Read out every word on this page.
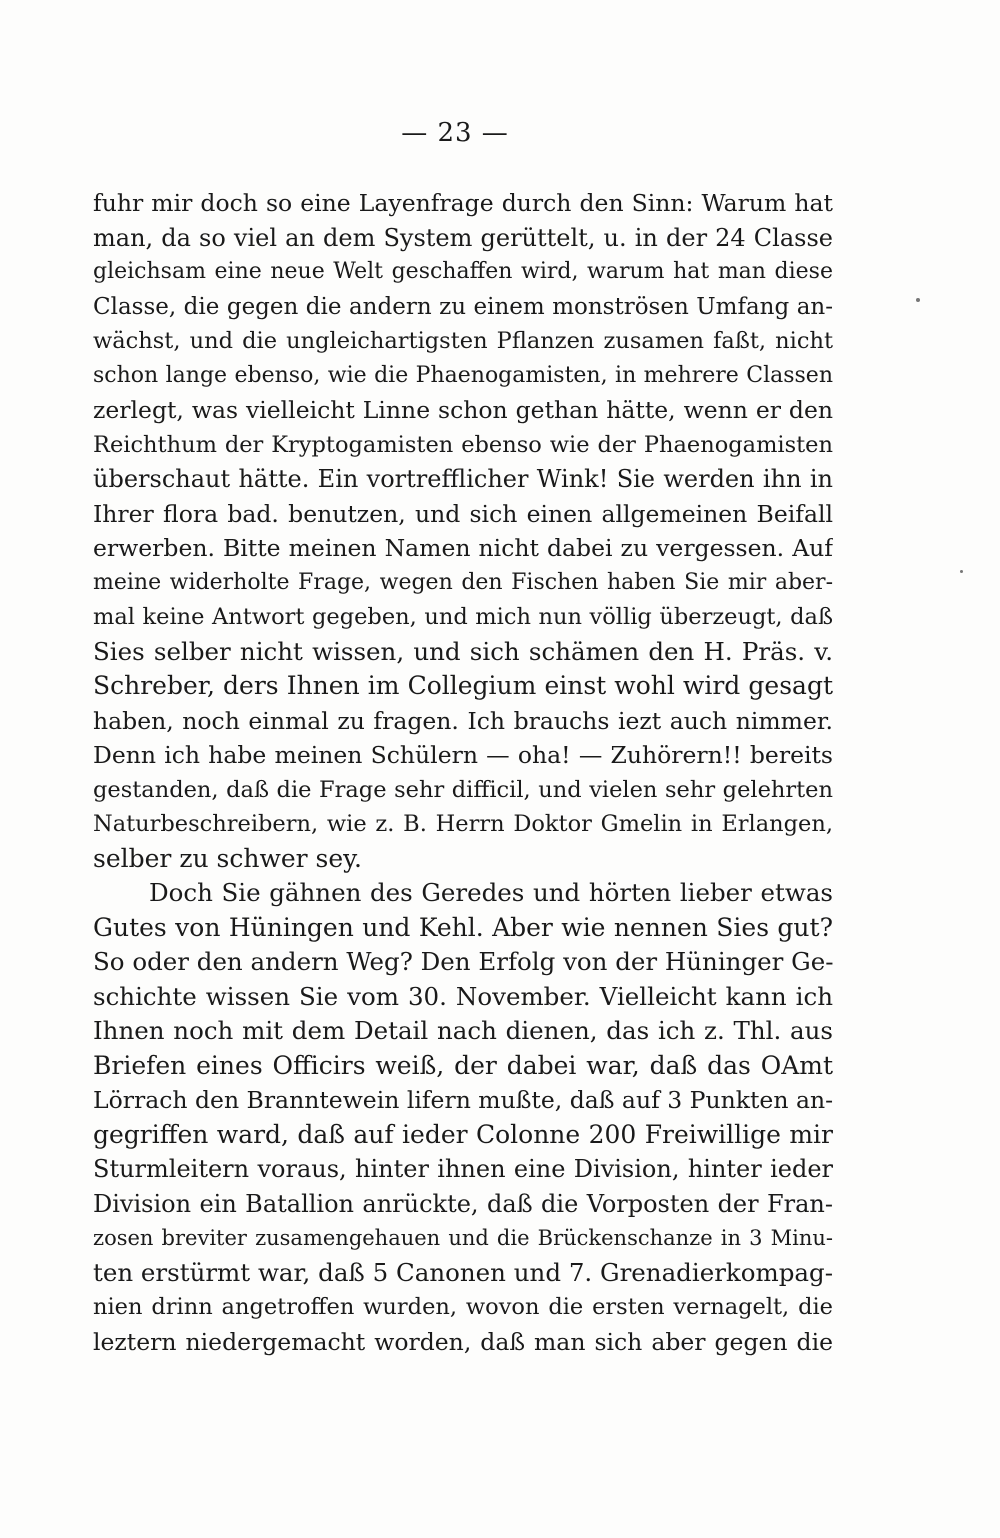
— 23 —
fuhr mir doch so eine Layenfrage durch den Sinn: Warum hat
man, da so viel an dem System gerüttelt, u. in der 24 Classe
gleichsam eine neue Welt geschaffen wird, warum hat man diese
Classe, die gegen die andern zu einem monströsen Umfang an-
wächst, und die ungleichartigsten Pflanzen zusamen faßt, nicht
schon lange ebenso, wie die Phaenogamisten, in mehrere Classen
zerlegt, was vielleicht Linne schon gethan hätte, wenn er den
Reichthum der Kryptogamisten ebenso wie der Phaenogamisten
überschaut hätte. Ein vortrefflicher Wink! Sie werden ihn in
Ihrer flora bad. benutzen, und sich einen allgemeinen Beifall
erwerben. Bitte meinen Namen nicht dabei zu vergessen. Auf
meine widerholte Frage, wegen den Fischen haben Sie mir aber-
mal keine Antwort gegeben, und mich nun völlig überzeugt, daß
Sies selber nicht wissen, und sich schämen den H. Präs. v.
Schreber, ders Ihnen im Collegium einst wohl wird gesagt
haben, noch einmal zu fragen. Ich brauchs iezt auch nimmer.
Denn ich habe meinen Schülern — oha! — Zuhörern!! bereits
gestanden, daß die Frage sehr difficil, und vielen sehr gelehrten
Naturbeschreibern, wie z. B. Herrn Doktor Gmelin in Erlangen,
selber zu schwer sey.
Doch Sie gähnen des Geredes und hörten lieber etwas
Gutes von Hüningen und Kehl. Aber wie nennen Sies gut?
So oder den andern Weg? Den Erfolg von der Hüninger Ge-
schichte wissen Sie vom 30. November. Vielleicht kann ich
Ihnen noch mit dem Detail nach dienen, das ich z. Thl. aus
Briefen eines Officirs weiß, der dabei war, daß das OAmt
Lörrach den Branntewein lifern mußte, daß auf 3 Punkten an-
gegriffen ward, daß auf ieder Colonne 200 Freiwillige mir
Sturmleitern voraus, hinter ihnen eine Division, hinter ieder
Division ein Batallion anrückte, daß die Vorposten der Fran-
zosen breviter zusamengehauen und die Brückenschanze in 3 Minu-
ten erstürmt war, daß 5 Canonen und 7. Grenadierkompag-
nien drinn angetroffen wurden, wovon die ersten vernagelt, die
leztern niedergemacht worden, daß man sich aber gegen die
